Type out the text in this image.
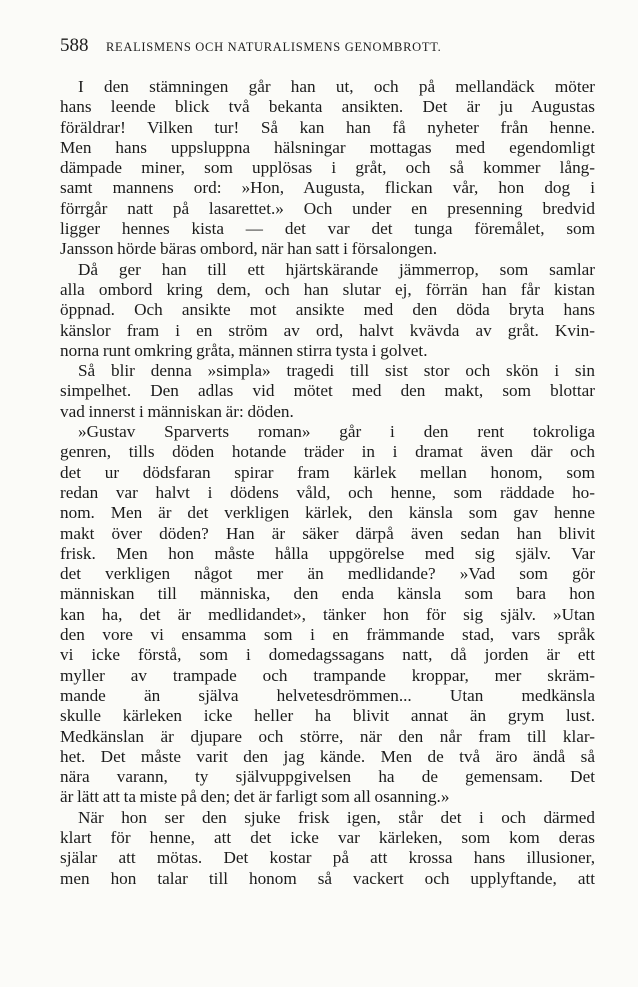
588 REALISMENS OCH NATURALISMENS GENOMBROTT.
I den stämningen går han ut, och på mellandäck möter
hans leende blick två bekanta ansikten. Det är ju Augustas
föräldrar! Vilken tur! Så kan han få nyheter från henne.
Men hans uppsluppna hälsningar mottagas med egendomligt
dämpade miner, som upplösas i gråt, och så kommer lång-
samt mannens ord: »Hon, Augusta, flickan vår, hon dog i
förrgår natt på lasarettet.» Och under en presenning bredvid
ligger hennes kista — det var det tunga föremålet, som
Jansson hörde bäras ombord, när han satt i försalongen.
Då ger han till ett hjärtskärande jämmerrop, som samlar
alla ombord kring dem, och han slutar ej, förrän han får kistan
öppnad. Och ansikte mot ansikte med den döda bryta hans
känslor fram i en ström av ord, halvt kvävda av gråt. Kvin-
norna runt omkring gråta, männen stirra tysta i golvet.
Så blir denna »simpla» tragedi till sist stor och skön i sin
simpelhet. Den adlas vid mötet med den makt, som blottar
vad innerst i människan är: döden.
»Gustav Sparverts roman» går i den rent tokroliga
genren, tills döden hotande träder in i dramat även där och
det ur dödsfaran spirar fram kärlek mellan honom, som
redan var halvt i dödens våld, och henne, som räddade ho-
nom. Men är det verkligen kärlek, den känsla som gav henne
makt över döden? Han är säker därpå även sedan han blivit
frisk. Men hon måste hålla uppgörelse med sig själv. Var
det verkligen något mer än medlidande? »Vad som gör
människan till människa, den enda känsla som bara hon
kan ha, det är medlidandet», tänker hon för sig själv. »Utan
den vore vi ensamma som i en främmande stad, vars språk
vi icke förstå, som i domedagssagans natt, då jorden är ett
myller av trampade och trampande kroppar, mer skräm-
mande än själva helvetesdrömmen... Utan medkänsla
skulle kärleken icke heller ha blivit annat än grym lust.
Medkänslan är djupare och större, när den når fram till klar-
het. Det måste varit den jag kände. Men de två äro ändå så
nära varann, ty självuppgivelsen ha de gemensam. Det
är lätt att ta miste på den; det är farligt som all osanning.»
När hon ser den sjuke frisk igen, står det i och därmed
klart för henne, att det icke var kärleken, som kom deras
själar att mötas. Det kostar på att krossa hans illusioner,
men hon talar till honom så vackert och upplyftande, att
